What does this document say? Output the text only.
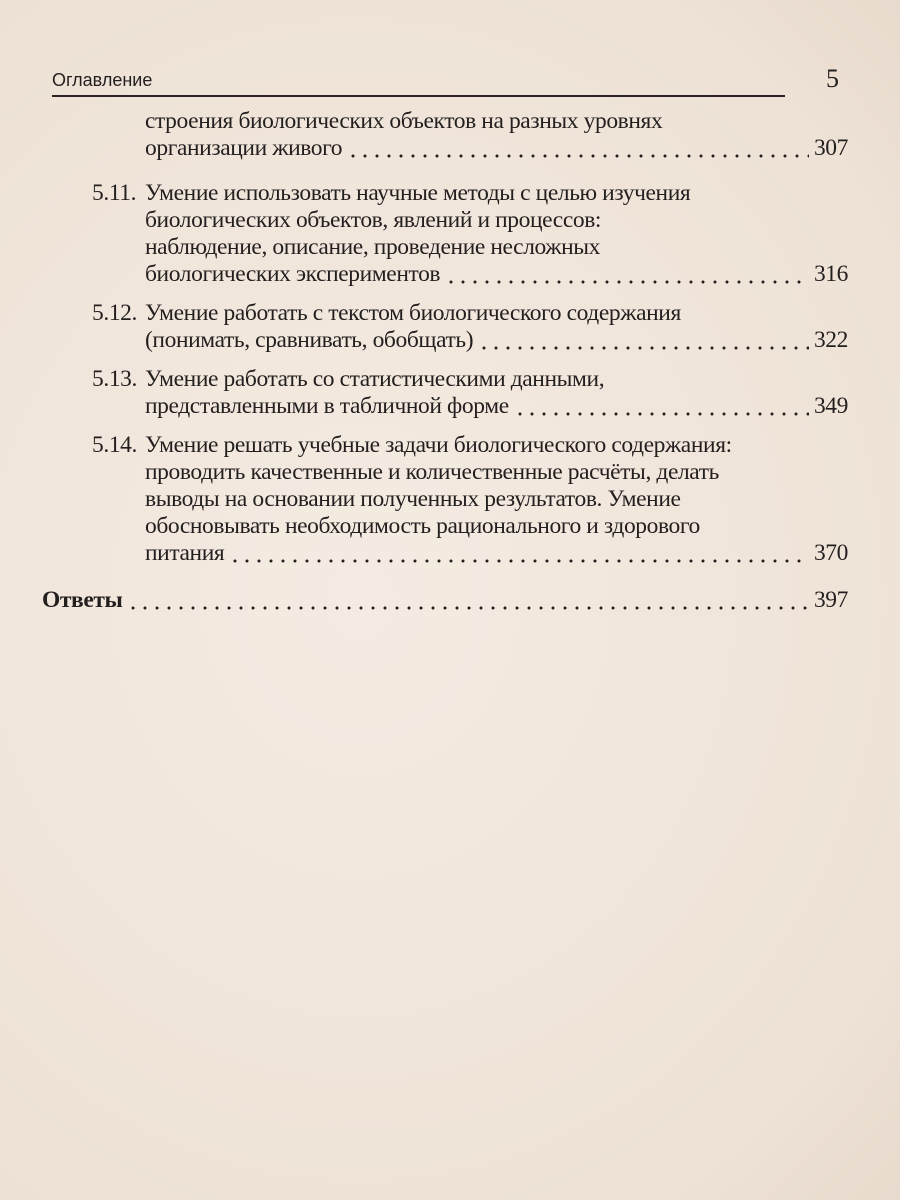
Оглавление	5
строения биологических объектов на разных уровнях
организации живого	307
5.11. Умение использовать научные методы с целью изучения
биологических объектов, явлений и процессов:
наблюдение, описание, проведение несложных
биологических экспериментов	316
5.12. Умение работать с текстом биологического содержания
(понимать, сравнивать, обобщать)	322
5.13. Умение работать со статистическими данными,
представленными в табличной форме	349
5.14. Умение решать учебные задачи биологического содержания:
проводить качественные и количественные расчёты, делать
выводы на основании полученных результатов. Умение
обосновывать необходимость рационального и здорового
питания	370
Ответы	397
